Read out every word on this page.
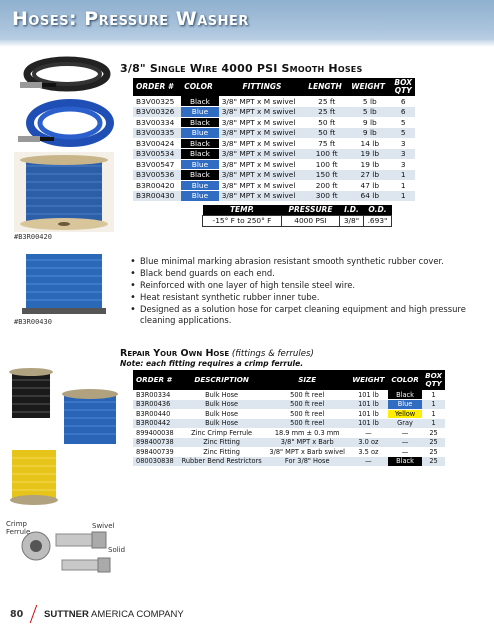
Hoses: Pressure Washer
#B3R00420
#B3R00430
Crimp Ferrule
Swivel
Solid
3/8" Single Wire 4000 PSI Smooth Hoses
ORDER #	COLOR	FITTINGS	LENGTH	WEIGHT	BOX QTY
B3V00325	Black	3/8" MPT x M swivel	25 ft	5 lb	6
B3V00326	Blue	3/8" MPT x M swivel	25 ft	5 lb	6
B3V00334	Black	3/8" MPT x M swivel	50 ft	9 lb	5
B3V00335	Blue	3/8" MPT x M swivel	50 ft	9 lb	5
B3V00424	Black	3/8" MPT x M swivel	75 ft	14 lb	3
B3V00534	Black	3/8" MPT x M swivel	100 ft	19 lb	3
B3V00547	Blue	3/8" MPT x M swivel	100 ft	19 lb	3
B3V00536	Black	3/8" MPT x M swivel	150 ft	27 lb	1
B3R00420	Blue	3/8" MPT x M swivel	200 ft	47 lb	1
B3R00430	Blue	3/8" MPT x M swivel	300 ft	64 lb	1
TEMP.	PRESSURE	I.D.	O.D.
-15° F to 250° F	4000 PSI	3/8"	.693"
• Blue minimal marking abrasion resistant smooth synthetic rubber cover.
• Black bend guards on each end.
• Reinforced with one layer of high tensile steel wire.
• Heat resistant synthetic rubber inner tube.
• Designed as a solution hose for carpet cleaning equipment and high pressure cleaning applications.
Repair Your Own Hose (fittings & ferrules)
Note: each fitting requires a crimp ferrule.
ORDER #	DESCRIPTION	SIZE	WEIGHT	COLOR	BOX QTY
B3R00334	Bulk Hose	500 ft reel	101 lb	Black	1
B3R00436	Bulk Hose	500 ft reel	101 lb	Blue	1
B3R00440	Bulk Hose	500 ft reel	101 lb	Yellow	1
B3R00442	Bulk Hose	500 ft reel	101 lb	Gray	1
899400038	Zinc Crimp Ferrule	18.9 mm ± 0.3 mm	—	—	25
898400738	Zinc Fitting	3/8" MPT x Barb	3.0 oz	—	25
898400739	Zinc Fitting	3/8" MPT x Barb swivel	3.5 oz	—	25
080030838	Rubber Bend Restrictors	For 3/8" Hose	—	Black	25
80 SUTTNER AMERICA COMPANY
